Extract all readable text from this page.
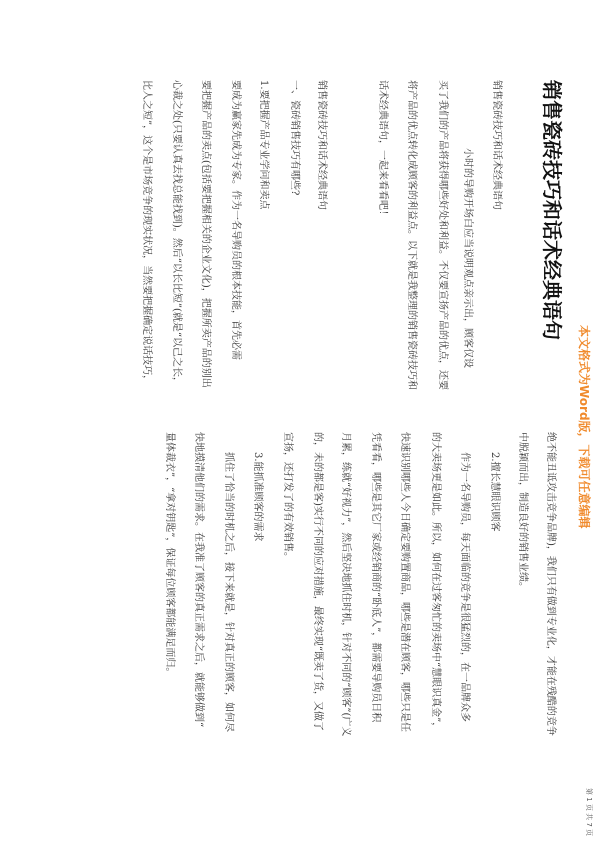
本文格式为Word版，下载可任意编辑
第 1 页 共 7 页
销售瓷砖技巧和话术经典语句
销售瓷砖技巧和话术经典语句
小时的导购开场白应当说明观点亲示出，顾客仅设
买了我们的产品将获得哪些好处和利益。不仅要宣扬产品的优点，还要
将产品的优点转化成顾客的利益点。以下就是我整理的销售瓷砖技巧和
话术经典语句，一起来看看吧！
销售瓷砖技巧和话术经典语句
一、瓷砖销售技巧有哪些?
1.要把握产品专业学问和卖点
要成为赢家先成为专家。作为一名导购员的根本技能，首先必需
要把握产品的卖点(包括要把握相关的企业文化)，把握所卖产品的别出
心裁之处(只要认真去找总能找到)。然后“以长比短”(就是“以己之长，
比人之短”，这个是市场竞争的现实状况，当然要把握确定说话技巧，
绝不能丑诋攻击竞争品牌)，我们只有做到专业化，才能在残酷的竞争
中脱颖而出，制造良好的销售业绩。
2.擅长慧眼识顾客
作为一名导购员，每天面临的竞争是很猛烈的，在一品牌众多
的大卖场更是如此。所以，如何在过客匆忙的卖场中“慧眼识真金”，
快速识别哪些人今日确定要购置商品，哪些是潜在顾客，哪些只是任
凭看看，哪些是其它厂家或经销商的“卧底人”，都需要导购员日积
月累，练就“好视力”，然后坚决地抓住时机，针对不同的“顾客”(广义
的，未的都是客)实行不同的应对措施，最终实现“既卖了货，又做了
宣扬，还打发了的有效销售。
3.能抓准顾客的需求
抓住了恰当的时机之后，接下来就是，针对真正的顾客，如何尽
快地摸清他们的需求。在我准了顾客的真正需求之后，就能够做到“
量体裁衣”，“拿对钥匙”，保证每位顾客都能满足而归。
